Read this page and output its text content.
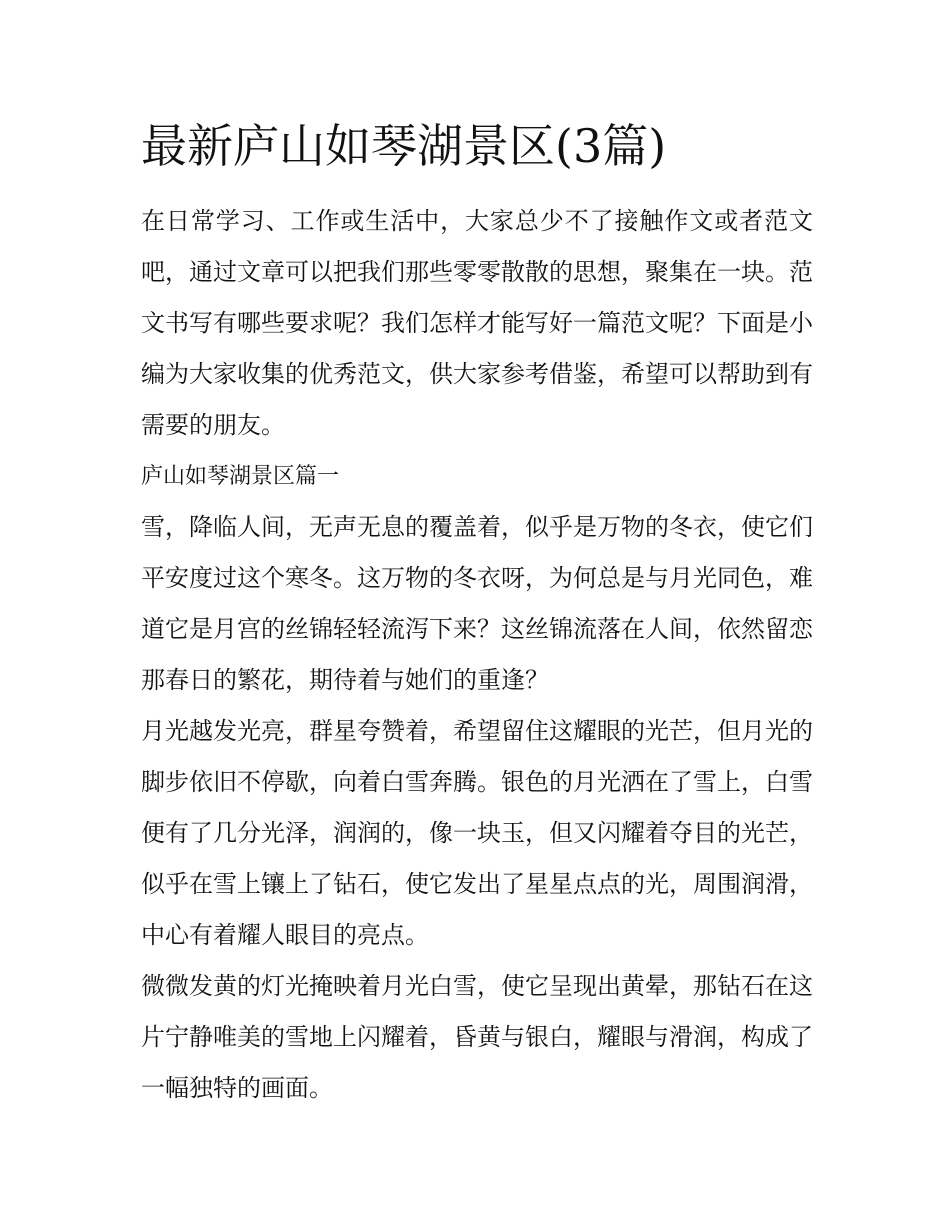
最新庐山如琴湖景区(3篇)

在日常学习、工作或生活中，大家总少不了接触作文或者范文吧，通过文章可以把我们那些零零散散的思想，聚集在一块。范文书写有哪些要求呢？我们怎样才能写好一篇范文呢？下面是小编为大家收集的优秀范文，供大家参考借鉴，希望可以帮助到有需要的朋友。

庐山如琴湖景区篇一

雪，降临人间，无声无息的覆盖着，似乎是万物的冬衣，使它们平安度过这个寒冬。这万物的冬衣呀，为何总是与月光同色，难道它是月宫的丝锦轻轻流泻下来？这丝锦流落在人间，依然留恋那春日的繁花，期待着与她们的重逢？

月光越发光亮，群星夸赞着，希望留住这耀眼的光芒，但月光的脚步依旧不停歇，向着白雪奔腾。银色的月光洒在了雪上，白雪便有了几分光泽，润润的，像一块玉，但又闪耀着夺目的光芒，似乎在雪上镶上了钻石，使它发出了星星点点的光，周围润滑，中心有着耀人眼目的亮点。

微微发黄的灯光掩映着月光白雪，使它呈现出黄晕，那钻石在这片宁静唯美的雪地上闪耀着，昏黄与银白，耀眼与滑润，构成了一幅独特的画面。
